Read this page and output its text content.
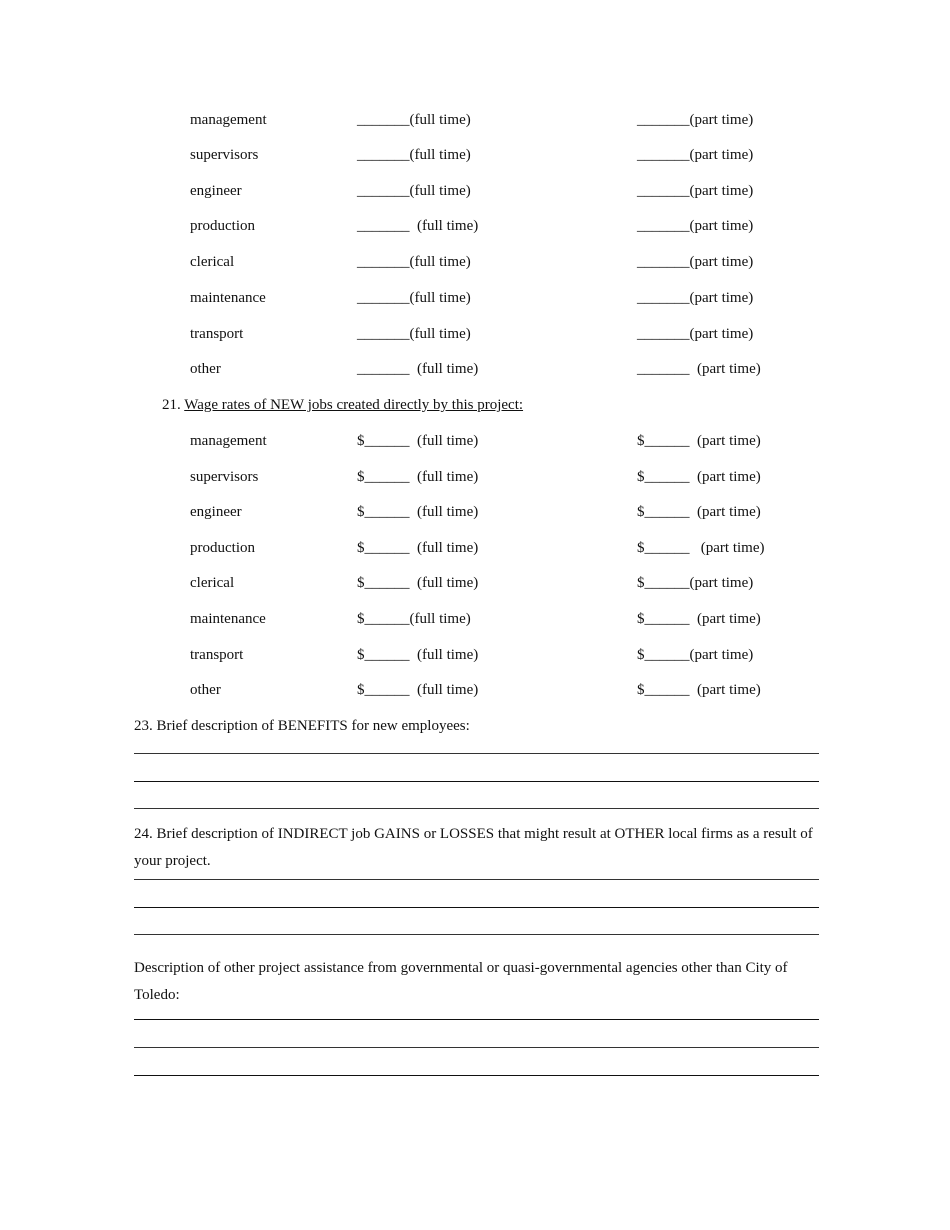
management	_______(full time)	_______(part time)
supervisors	_______(full time)	_______(part time)
engineer	_______(full time)	_______(part time)
production	_______  (full time)	_______(part time)
clerical	_______(full time)	_______(part time)
maintenance	_______(full time)	_______(part time)
transport	_______(full time)	_______(part time)
other	_______  (full time)	_______  (part time)
21. Wage rates of NEW jobs created directly by this project:
management	$______  (full time)	$______  (part time)
supervisors	$______  (full time)	$______  (part time)
engineer	$______  (full time)	$______  (part time)
production	$______  (full time)	$______   (part time)
clerical	$______  (full time)	$______(part time)
maintenance	$______(full time)	$______  (part time)
transport	$______  (full time)	$______(part time)
other	$______  (full time)	$______  (part time)
23. Brief description of BENEFITS for new employees:
24. Brief description of INDIRECT job GAINS or LOSSES that might result at OTHER local firms as a result of your project.
Description of other project assistance from governmental or quasi-governmental agencies other than City of Toledo:
